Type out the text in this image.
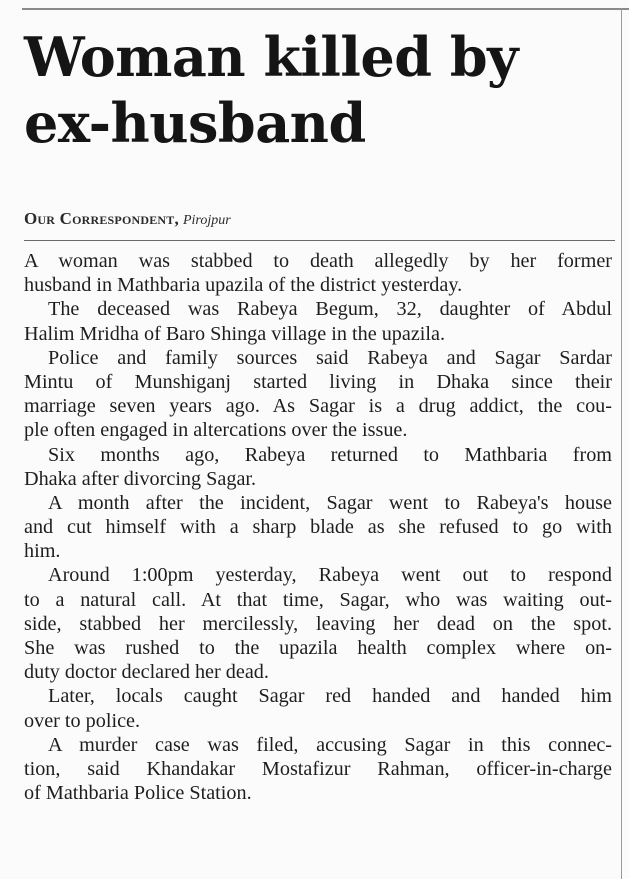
Woman killed by
ex-husband
Our Correspondent, Pirojpur
A woman was stabbed to death allegedly by her former
husband in Mathbaria upazila of the district yesterday.
The deceased was Rabeya Begum, 32, daughter of Abdul
Halim Mridha of Baro Shinga village in the upazila.
Police and family sources said Rabeya and Sagar Sardar
Mintu of Munshiganj started living in Dhaka since their
marriage seven years ago. As Sagar is a drug addict, the cou-
ple often engaged in altercations over the issue.
Six months ago, Rabeya returned to Mathbaria from
Dhaka after divorcing Sagar.
A month after the incident, Sagar went to Rabeya's house
and cut himself with a sharp blade as she refused to go with
him.
Around 1:00pm yesterday, Rabeya went out to respond
to a natural call. At that time, Sagar, who was waiting out-
side, stabbed her mercilessly, leaving her dead on the spot.
She was rushed to the upazila health complex where on-
duty doctor declared her dead.
Later, locals caught Sagar red handed and handed him
over to police.
A murder case was filed, accusing Sagar in this connec-
tion, said Khandakar Mostafizur Rahman, officer-in-charge
of Mathbaria Police Station.
